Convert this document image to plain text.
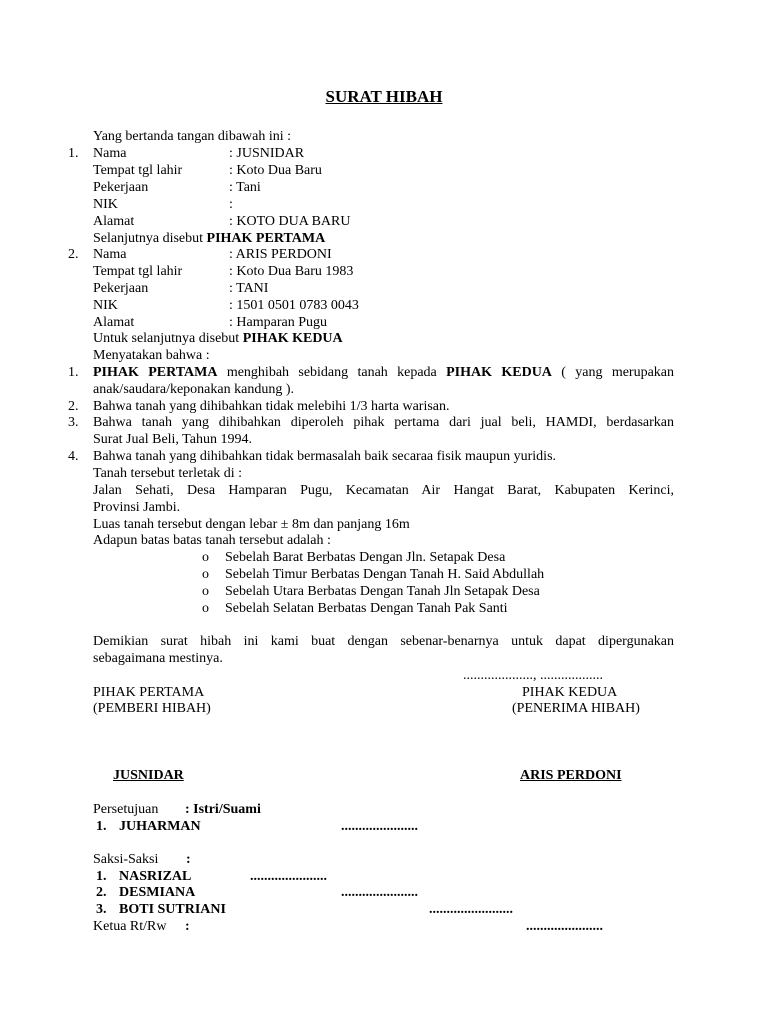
SURAT HIBAH
Yang bertanda tangan dibawah ini :
1. Nama	: JUSNIDAR
Tempat tgl lahir	: Koto Dua Baru
Pekerjaan	: Tani
NIK	:
Alamat	: KOTO DUA BARU
Selanjutnya disebut PIHAK PERTAMA
2. Nama	: ARIS PERDONI
Tempat tgl lahir	: Koto Dua Baru 1983
Pekerjaan	: TANI
NIK	: 1501 0501 0783 0043
Alamat	: Hamparan Pugu
Untuk selanjutnya disebut PIHAK KEDUA
Menyatakan bahwa :
1. PIHAK PERTAMA menghibah sebidang tanah kepada PIHAK KEDUA ( yang merupakan
anak/saudara/keponakan kandung ).
2. Bahwa tanah yang dihibahkan tidak melebihi 1/3 harta warisan.
3. Bahwa tanah yang dihibahkan diperoleh pihak pertama dari jual beli, HAMDI, berdasarkan
Surat Jual Beli, Tahun 1994.
4. Bahwa tanah yang dihibahkan tidak bermasalah baik secaraa fisik maupun yuridis.
Tanah tersebut terletak di :
Jalan Sehati, Desa Hamparan Pugu, Kecamatan Air Hangat Barat, Kabupaten Kerinci,
Provinsi Jambi.
Luas tanah tersebut dengan lebar ± 8m dan panjang 16m
Adapun batas batas tanah tersebut adalah :
o Sebelah Barat Berbatas Dengan Jln. Setapak Desa
o Sebelah Timur Berbatas Dengan Tanah H. Said Abdullah
o Sebelah Utara Berbatas Dengan Tanah Jln Setapak Desa
o Sebelah Selatan Berbatas Dengan Tanah Pak Santi
Demikian surat hibah ini kami buat dengan sebenar-benarnya untuk dapat dipergunakan
sebagaimana mestinya.
...................., ..................
PIHAK PERTAMA	PIHAK KEDUA
(PEMBERI HIBAH)	(PENERIMA HIBAH)
JUSNIDAR	ARIS PERDONI
Persetujuan : Istri/Suami
1. JUHARMAN	......................
Saksi-Saksi :
1. NASRIZAL	......................
2. DESMIANA	......................
3. BOTI SUTRIANI	........................
Ketua Rt/Rw :	......................
